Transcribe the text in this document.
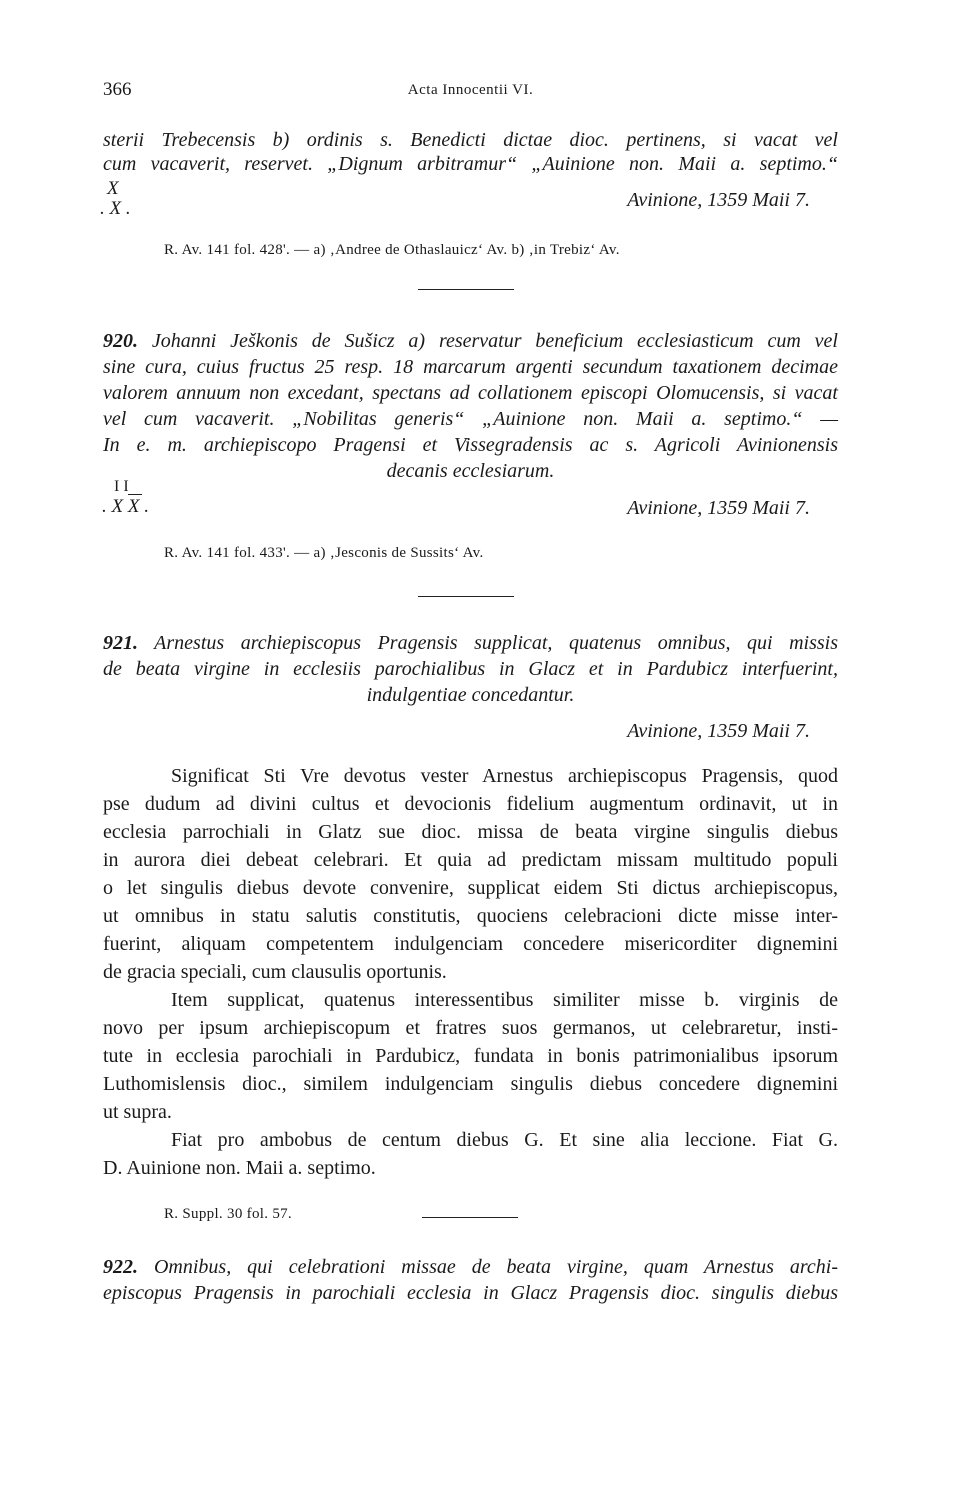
366	Acta Innocentii VI.
sterii Trebecensis b) ordinis s. Benedicti dictae dioc. pertinens, si vacat vel
cum vacaverit, reservet. „Dignum arbitramur“ „Auinione non. Maii a. septimo.“
X
. X .	Avinione, 1359 Maii 7.
R. Av. 141 fol. 428'. — a) ‚Andree de Othaslauicz‘ Av. b) ‚in Trebiz‘ Av.
920. Johanni Ješkonis de Sušicz a) reservatur beneficium ecclesiasticum cum vel
sine cura, cuius fructus 25 resp. 18 marcarum argenti secundum taxationem decimae
valorem annuum non excedant, spectans ad collationem episcopi Olomucensis, si vacat
vel cum vacaverit. „Nobilitas generis“ „Auinione non. Maii a. septimo.“ —
In e. m. archiepiscopo Pragensi et Vissegradensis ac s. Agricoli Avinionensis
decanis ecclesiarum.
I I
. X X .	Avinione, 1359 Maii 7.
R. Av. 141 fol. 433'. — a) ‚Jesconis de Sussits‘ Av.
921. Arnestus archiepiscopus Pragensis supplicat, quatenus omnibus, qui missis
de beata virgine in ecclesiis parochialibus in Glacz et in Pardubicz interfuerint,
indulgentiae concedantur.
Avinione, 1359 Maii 7.
Significat Sti Vre devotus vester Arnestus archiepiscopus Pragensis, quod
pse dudum ad divini cultus et devocionis fidelium augmentum ordinavit, ut in
ecclesia parrochiali in Glatz sue dioc. missa de beata virgine singulis diebus
in aurora diei debeat celebrari. Et quia ad predictam missam multitudo populi
o let singulis diebus devote convenire, supplicat eidem Sti dictus archiepiscopus,
ut omnibus in statu salutis constitutis, quociens celebracioni dicte misse inter-
fuerint, aliquam competentem indulgenciam concedere misericorditer dignemini
de gracia speciali, cum clausulis oportunis.
Item supplicat, quatenus interessentibus similiter misse b. virginis de
novo per ipsum archiepiscopum et fratres suos germanos, ut celebraretur, insti-
tute in ecclesia parochiali in Pardubicz, fundata in bonis patrimonialibus ipsorum
Luthomislensis dioc., similem indulgenciam singulis diebus concedere dignemini
ut supra.
Fiat pro ambobus de centum diebus G. Et sine alia leccione. Fiat G.
D. Auinione non. Maii a. septimo.
R. Suppl. 30 fol. 57.
922. Omnibus, qui celebrationi missae de beata virgine, quam Arnestus archi-
episcopus Pragensis in parochiali ecclesia in Glacz Pragensis dioc. singulis diebus
